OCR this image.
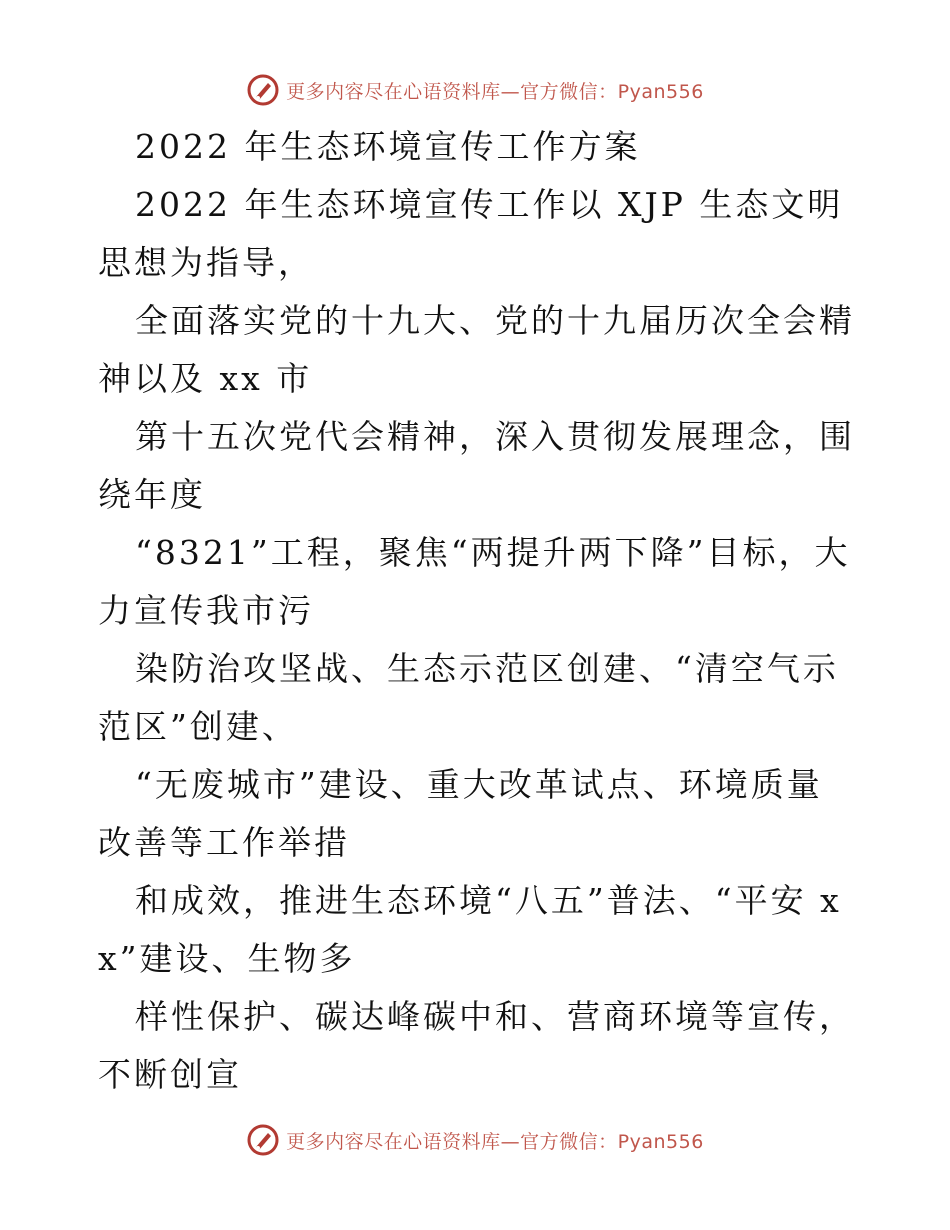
更多内容尽在心语资料库—官方微信：Pyan556

2022 年生态环境宣传工作方案

2022 年生态环境宣传工作以 XJP 生态文明思想为指导，

全面落实党的十九大、党的十九届历次全会精神以及 xx 市

第十五次党代会精神，深入贯彻发展理念，围绕年度

“8321”工程，聚焦“两提升两下降”目标，大力宣传我市污

染防治攻坚战、生态示范区创建、“清空气示范区”创建、

“无废城市”建设、重大改革试点、环境质量改善等工作举措

和成效，推进生态环境“八五”普法、“平安 xx”建设、生物多

样性保护、碳达峰碳中和、营商环境等宣传，不断创宣

更多内容尽在心语资料库—官方微信：Pyan556
